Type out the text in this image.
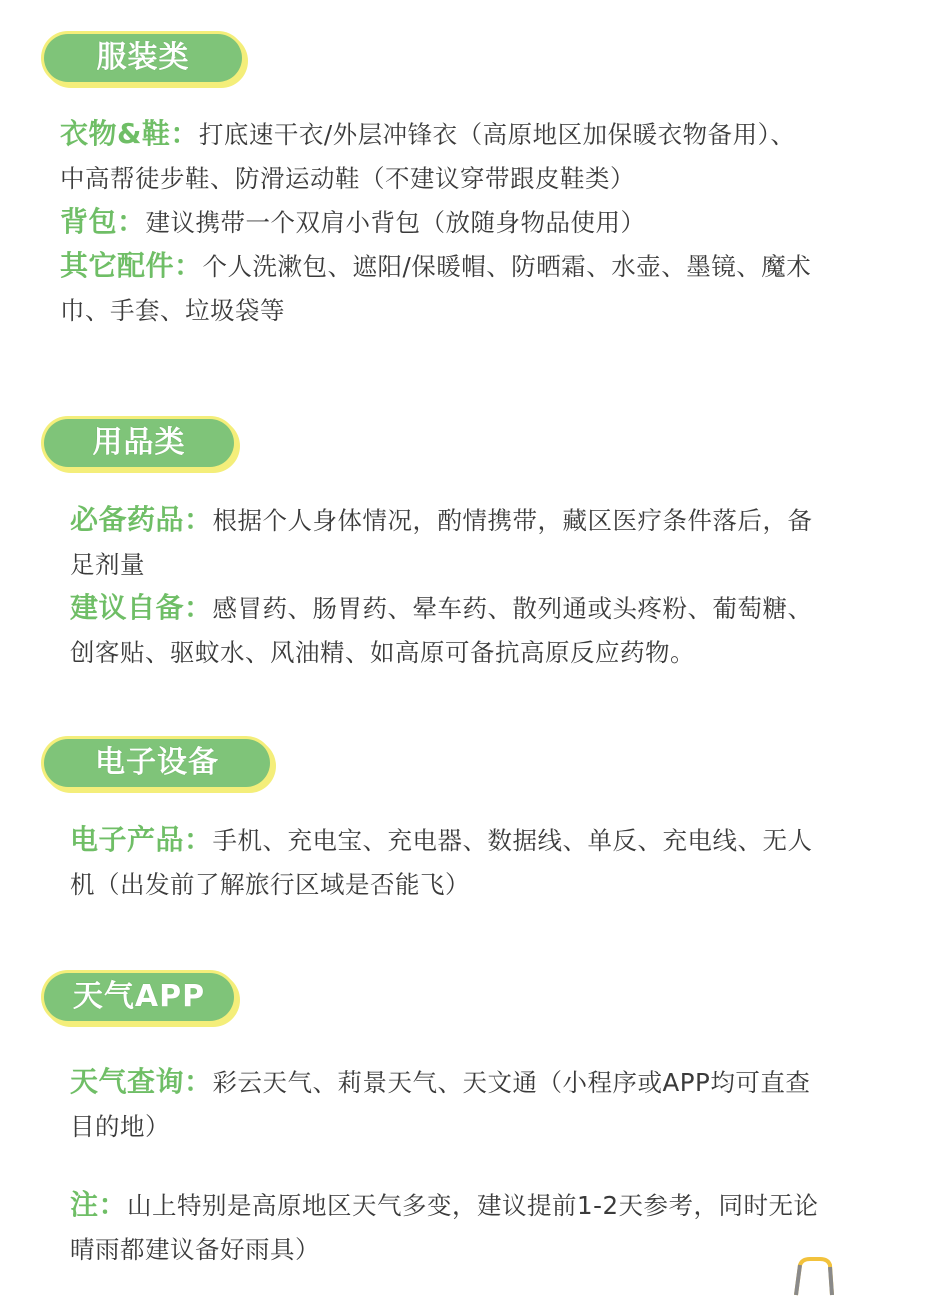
服装类
衣物&鞋：打底速干衣/外层冲锋衣（高原地区加保暖衣物备用）、
中高帮徒步鞋、防滑运动鞋（不建议穿带跟皮鞋类）
背包：建议携带一个双肩小背包（放随身物品使用）
其它配件：个人洗漱包、遮阳/保暖帽、防晒霜、水壶、墨镜、魔术
巾、手套、垃圾袋等
用品类
必备药品：根据个人身体情况，酌情携带，藏区医疗条件落后，备
足剂量
建议自备：感冒药、肠胃药、晕车药、散列通或头疼粉、葡萄糖、
创客贴、驱蚊水、风油精、如高原可备抗高原反应药物。
电子设备
电子产品：手机、充电宝、充电器、数据线、单反、充电线、无人
机（出发前了解旅行区域是否能飞）
天气APP
天气查询：彩云天气、莉景天气、天文通（小程序或APP均可直查
目的地）
注：山上特别是高原地区天气多变，建议提前1-2天参考，同时无论
晴雨都建议备好雨具）
